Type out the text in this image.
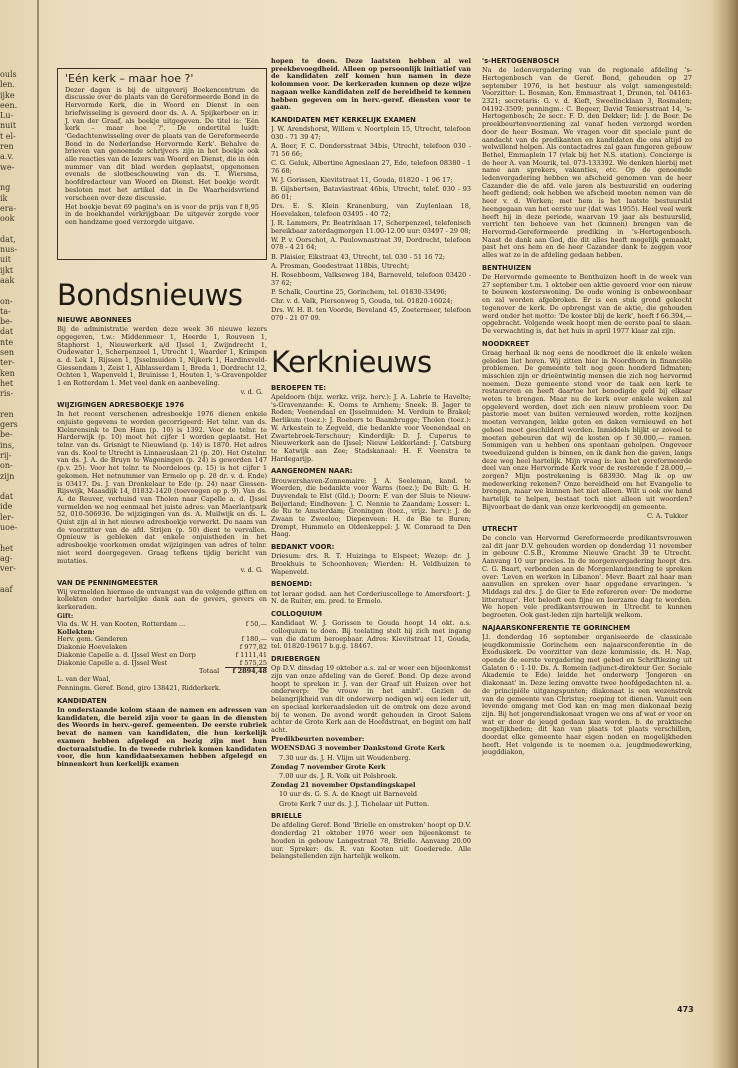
ouls
len.
ijke
een.
Lu-
nuit
t el-
ren
a.v.
we-

ng
ik
era-
ook

dat,
nus-
uit
ijkt
aak

on-
ta-
be-
dat
nte
sen
ter-
ken
het
ris-

ren
gers
be-
ins,
rij-
on-
zijn

dat
ide
ler-
uoe-

het
ag-
ver-

aaf
'Eén kerk – maar hoe ?'

Dezer dagen is bij de uitgeverij Boekencentrum de discussie over de plaats van de Gereformeerde Bond in de Hervormde Kerk, die in Woord en Dienst in een briefwisseling is gevoerd door ds. A. A. Spijkerboer en ir. J. van der Graaf, als boekje uitgegeven. De titel is: 'Eén kerk – maar hoe ?'. De ondertitel luidt: 'Gedachtenwisseling over de plaats van de Gereformeerde Bond in de Nederlandse Hervormde Kerk'. Behalve de brieven van genoemde schrijvers zijn in het boekje ook alle reacties van de lezers van Woord en Dienst, die in één nummer van dit blad werden geplaatst, opgenomen evenals de slotbeschouwing van ds. T. Wiersma, hoofdredacteur van Woord en Dienst. Het boekje wordt besloten met het artikel dat in De Waarheidsvriend verscheen over deze discussie.

Het boekje bevat 69 pagina's en is voor de prijs van f 8,95 in de boekhandel verkrijgbaar. De uitgever zorgde voor een handzame goed verzorgde uitgave.

Bondsnieuws
NIEUWE ABONNEES

Bij de administratie werden deze week 36 nieuwe lezers opgegeven, t.w.: Middenmeer 1, Heerde 1, Rouveen 1, Staphorst 1, Nieuwerkerk a/d IJssel 1, Zwijndrecht 1, Oudewater 1, Scherpenzeel 1, Utrecht 1, Waarder 1, Krimpen a. d. Lek 1, Rijssen 1, IJsselmuiden 1, Nijkerk 1, Hardinxveld-Giessendam 1, Zeist 1, Alblasserdam 1, Breda 1, Dordrecht 12, Ochten 1, Wapenveld 1, Bruinisse 1, Houten 1, 's-Gravenpolder 1 en Rotterdam 1. Met veel dank en aanbeveling.

v. d. G.

WIJZIGINGEN ADRESBOEKJE 1976

In het recent verschenen adresboekje 1976 dienen enkele onjuiste gegevens te worden gecorrigeerd: Het telnr. van ds. Kleinrensink te Den Ham (p. 10) is 1392. Voor de telnr. te Harderwijk (p. 10) moet het cijfer 1 worden geplaatst. Het telnr. van ds. Grisnigt te Nieuwland (p. 14) is 1870. Het adres van ds. Kool te Utrecht is Linnaeuslaan 21 (p. 20). Het Ostelnr. van ds. J. A. de Bruyn te Wageningen (p. 24) is geworden 147 (p.v. 25). Voor het telnr. te Noordeloos (p. 15) is het cijfer 1 gekomen. Het netnummer van Ermelo op p. 28 dr. v. d. Ende) is 03417. Ds. J. van Dronkelaar te Ede (p. 24) naar Giessen-Rijswijk, Maasdijk 14, 01832-1420 (toevoegen op p. 9). Van ds. A. de Reuver, verhuisd van Tholen naar Capelle a. d. IJssel vermelden we nog eenmaal het juiste adres: van Maerlantpark 52, 010-506936. De wijzigingen van ds. A. Muilwijk en ds. L. Quist zijn al in het nieuwe adresboekje verwerkt. De naam van de voorzitter van de afd. Strijen (p. 50) dient te vervallen. Opnieuw is gebleken dat enkele onjuistheden in het adresboekje voorkomen omdat wijzigingen van adres of telnr. niet werd doorgegeven. Graag tefkens tijdig bericht van mutaties.

v. d. G.

VAN DE PENNINGMEESTER

Wij vermelden hiermee de ontvangst van de volgende giften en kollekten onder hartelijke dank aan de gevers, gevers en kerkeraden.

Gift:	
Via ds. W. H. van Kooten, Rotterdam ...	f 50,—
Kollekten:	
Herv. gem. Genderen	f 180,—
Diakonie Hoevelaken	f 977,82
Diakonie Capelle a. d. IJssel West en Dorp	f 1111,41
Diakonie Capelle a. d. IJssel West	f 575,25
Totaal	f 2894,48

L. van der Waal,

Penningm. Geref. Bond, giro 138421, Ridderkerk.

KANDIDATEN

In onderstaande kolom staan de namen en adressen van kandidaten, die bereid zijn voor te gaan in de diensten des Woords in herv.-geref. gemeenten. De eerste rubriek bevat de namen van kandidaten, die hun kerkelijk examen hebben afgelegd en bezig zijn met hun doctoraalstudie. In de tweede rubriek komen kandidaten voor, die hun kandidaatsexamen hebben afgelegd en binnenkort hun kerkelijk examen

hopen te doen. Deze laatsten hebben al wel preekbevoegdheid. Alleen op persoonlijk initiatief van de kandidaten zelf komen hun namen in deze kolommen voor. De kerkeraden kunnen op deze wijze nagaan welke kandidaten zelf de bereidheid te kennen hebben gegeven om in herv.-geref. diensten voor te gaan.

KANDIDATEN MET KERKELIJK EXAMEN

J. W. Arendshorst, Willem v. Noortplein 15, Utrecht, telefoon 030 - 71 39 47;

A. Boer, F. C. Dondersstraat 34bis, Utrecht, telefoon 030 - 71 56 66;

C. G. Geluk, Albertine Agneslaan 27, Ede, telefoon 08380 - 1 76 68;

W. J. Gorissen, Kievitstraat 11, Gouda, 01820 - 1 96 17;

B. Gijsbertsen, Bataviastraat 46bis, Utrecht, telef. 030 - 93 86 01;

Drs. E. S. Klein Kranenburg, van Zuylenlaan 18, Hoevelaken, telefoon 03495 - 40 72;

J. R. Lammers, Pr. Beatrixlaan 17, Scherpenzeel, telefonisch bereikbaar zaterdagmorgen 11.00-12.00 uur: 03497 - 29 08;

W. P. v. Oorschot, A. Paulownastraat 39, Dordrecht, telefoon 078 - 4 21 64;

B. Plaisier, Eikstraat 43, Utrecht, tel. 030 - 51 16 72;

A. Prosman, Goedestraat 118bis, Utrecht;

H. Rosebboom, Valkseweg 184, Barneveld, telefoon 03420 - 37 62;

P. Schalk, Courtine 25, Gorinchem, tel. 01830-33496;

Chr. v. d. Valk, Piersonweg 5, Gouda, tel. 01820-16024;

Drs. W. H. B. ten Voorde, Beveland 45, Zoetermeer, telefoon 079 - 21 07 09.

Kerknieuws
BEROEPEN TE:

Apeldoorn (bijz. werkz. vrijz. herv.): J. A. Labrie te Havelte; 's-Gravenzande: K. Ooms te Arnhem; Sneek: B. Jager te Roden; Veenendaal en IJsselmuiden: M. Verduin te Brakel; Berlikum (toez.): J. Roebers te Baambrugge; Tholen (toez.): W. Arkestein te Zegveld, die bedankte voor Veenendaal en Zwartebroek-Terschuur; Kinderdijk: D. J. Cuperus te Nieuwerkerk aan de IJssel; Nieuw Lekkerland: J. Catsburg te Katwijk aan Zee; Stadskanaal: H. F. Veenstra te Hardegarijp.

AANGENOMEN NAAR:

Brouwershaven-Zonnemaire: J. A. Seeleman, kand. te Woerden, die bedankte voor Warns (toez.); De Bilt: G. H. Duyvendak te Elst (Gld.); Doorn: F. van der Sluis te Nieuw-Beijerland; Eindhoven: J. C. Nennie te Zaandam; Losser: L. de Ru te Amsterdam; Groningen (toez., vrijz. herv.): J. de Zwaan te Zweeloo; Diepenveen: H. de Bie te Buren; Drempt, Hummelo en Oldenkeppel: J. W. Comraad te Den Haag.

BEDANKT VOOR:

Driesum: drs. R. T. Huizinga te Elspeet; Wezep: dr. J. Broekhuis te Schoonhoven; Wierden: H. Veldhuizen te Wapenveld.

BENOEMD:

tot leraar godsd. aan het Corderiuscollege te Amersfoort: J. N. de Ruiter, em. pred. te Ermelo.

COLLOQUIUM

Kandidaat W. J. Gorissen te Gouda hoopt 14 okt. a.s. colloquium te doen. Bij toelating stelt hij zich met ingang van die datum beroepbaar. Adres: Kievitstraat 11, Gouda, tel. 01820-19617 b.g.g. 18467.

DRIEBERGEN

Op D.V. dinsdag 19 oktober a.s. zal er weer een bijeenkomst zijn van onze afdeling van de Geref. Bond. Op deze avond hoopt te spreken ir. J. van der Graaf uit Huizen over het onderwerp: 'De vrouw in het ambt'. Gezien de belangrijkheid van dit onderwerp nodigen wij een ieder uit, en speciaal kerkeraadsleden uit de omtrek om deze avond bij te wonen. De avond wordt gehouden in Groot Salem achter de Grote Kerk aan de Hoofdstraat, en begint om half acht.

Predikbeurten november:

WOENSDAG 3 november Dankstond Grote Kerk

7.30 uur ds. J. H. Vlijm uit Woudenberg.

Zondag 7 november Grote Kerk

7.00 uur ds. J. R. Volk uit Polsbroek.

Zondag 21 november Opstandingskapel

10 uur ds. G. S. A. de Knegt uit Barneveld

Grote Kerk 7 uur ds. J. J. Tichelaar uit Putten.

BRIELLE

De afdeling Geref. Bond 'Brielle en omstreken' hoopt op D.V. donderdag 21 oktober 1976 weer een bijeenkomst te houden in gebouw Langestraat 78, Brielle. Aanvang 20.00 uur. Spreker: ds. R. van Kooten uit Goederede. Alle belangstellenden zijn hartelijk welkom.

's-HERTOGENBOSCH

Na de ledenvergadering van de regionale afdeling 's-Hertogenbosch van de Geref. Bond, gehouden op 27 september 1976, is het bestuur als volgt samengesteld: Voorzitter: L. Bosman, Kon. Emmastraat 1, Drunen, tel. 04163-2321; secretaris: G. v. d. Kieft, Sweelincklaan 3, Rosmalen; 04192-3509; penningm.: C. Begeer, David Teniersstraat 14, 's-Hertogenbosch; 2e secr.: F. D. den Dekker; lid: J. de Boer. De preekbeurtenvoorziening zal vanaf heden verzorgd worden door de heer Bosman. We vragen voor dit speciale punt de aandacht van de predikanten en kandidaten die ons altijd zo welwillend helpen. Als contactadres zal gaan fungeren gebouw Bethel, Emmaplein 17 (vlak bij het N.S. station). Concierge is de heer A. van Mourik, tel. 073-133392. We denken hierbij met name aan sprekers, vakanties, etc. Op de genoemde ledenvergadering hebben we afscheid genomen van de heer Cazander die de afd. vele jaren als bestuurslid en oudering heeft gediend; ook hebben we afscheid moeten nemen van de heer v. d. Werken; met hem is het laatste bestuurslid heengegaan van het eerste uur (dat was 1955). Heel veel werk heeft hij in deze periode, waarvan 19 jaar als bestuurslid, verricht ten behoeve van het (kunnen) brengen van de Hervormd-Gereformeerde prediking in 's-Hertogenbosch. Naast de dank aan God, die dit alles heeft mogelijk gemaakt, past het ons hem en de heer Cazander dank te zeggen voor alles wat ze in de afdeling gedaan hebben.

BENTHUIZEN

De Hervormde gemeente te Benthuizen heeft in de week van 27 september t.m. 1 oktober een aktie gevoerd voor een nieuw te bouwen kosterswoning. De oude woning is onbewoonbaar en zal worden afgebroken. Er is een stuk grond gekocht tegenover de kerk. De opbrengst van de aktie, die gehouden werd onder het motto: 'De koster blij de kerk', heeft f 66.394,— opgebracht. Volgende week hoopt men de eerste paal te slaan. De verwachting is, dat het huis in april 1977 klaar zal zijn.

NOODKREET

Graag herhaal ik nog eens de noodkreet die ik enkele weken geleden liet horen. Wij zitten hier in Noordhorn in financiële problemen. De gemeente telt nog geen honderd lidmaten; misschien zijn er drieëntwintig mensen die zich nog hervormd noemen. Deze gemeente stond voor de taak een kerk te restaureren en heeft daartoe het benodigde geld bij elkaar weten te brengen. Maar nu de kerk over enkele weken zal opgeleverd worden, doet zich een nieuw probleem voor. De pastorie moet van buiten vernieuwd worden, rotte kozijnen moeten vervangen, lekke goten en daken vernieuwd en het geheel moet geschilderd worden. Inmiddels blijkt er zoveel te moeten gebeuren dat wij de kosten op f 30.000,— ramen. Sommigen van u hebben ons spontaan geholpen. Ongeveer tweeduizend gulden is binnen, en ik dank hen die gaven, langs deze weg heel hartelijk. Mijn vraag is: kan het gereformeerde deel van onze Hervormde Kerk voor de resterende f 28.000,— zorgen? Mijn postrekening is 683930. Mag ik op uw medewerking rekenen? Onze bereidheid om het Evangelie te brengen, maar we kunnen het niet alleen. Wilt u ook uw hand hartelijk te helpen, bestaat toch niet alleen uit woorden? Bijvoorbaat de dank van onze kerkvoogdij en gemeente.

C. A. Tukker

UTRECHT

De conclo van Hervormd Gereformeerde predikantsvrouwen zal dit jaar D.V. gehouden worden op donderdag 11 november in gebouw C.S.B., Kromme Nieuwe Gracht 39 te Utrecht. Aanvang 10 uur precies. In de morgenvergadering hoopt drs. C. G. Baart, verbonden aan de Morgenlandzending te spreken over: 'Leven en werken in Libanon'. Mevr. Baart zal haar man aanvullen en spreken over haar opgedane ervaringen. 's Middags zal drs. J. de Gier te Ede refereren over: 'De moderne litteratuur'. Het belooft een fijne en leerzame dag te worden. We hopen vele predikantsvrouwen in Utrecht te kunnen begroeten. Ook gast-leden zijn hartelijk welkom.

NAJAARSKONFERENTIE TE GORINCHEM

J.l. donderdag 16 september organiseerde de classicale jeugdkommissie Gorinchem een najaarsconferentie in de Exoduskerk. De voorzitter van deze kommissie, ds. H. Nap, opende de eerste vergadering met gebed en Schriftlezing uit Galaten 6 : 1-10. Ds. A. Romein (adjunct-direkteur Ger. Sociale Akademie te Ede) leidde het onderwerp 'Jongeren en diakonaat' in. Deze lezing omvatte twee hoofdgedachten nl. a. de principiële uitgangspunten; diakonaat is een wezenstrek van de gemeente van Christus; roeping tot dienen. Vanuit een levende omgang met God kan en mag men diakonaal bezig zijn. Bij het jongerendiakonaat vragen we ons af wat er voor en wat er door de jeugd gedaan kan worden. b. de praktische mogelijkheden; dit kan van plaats tot plaats verschillen, doordat elke gemeente haar eigen noden en mogelijkheden heeft. Het volgende is te noemen o.a. jeugdmedewerking, jeugddiakon,

473
